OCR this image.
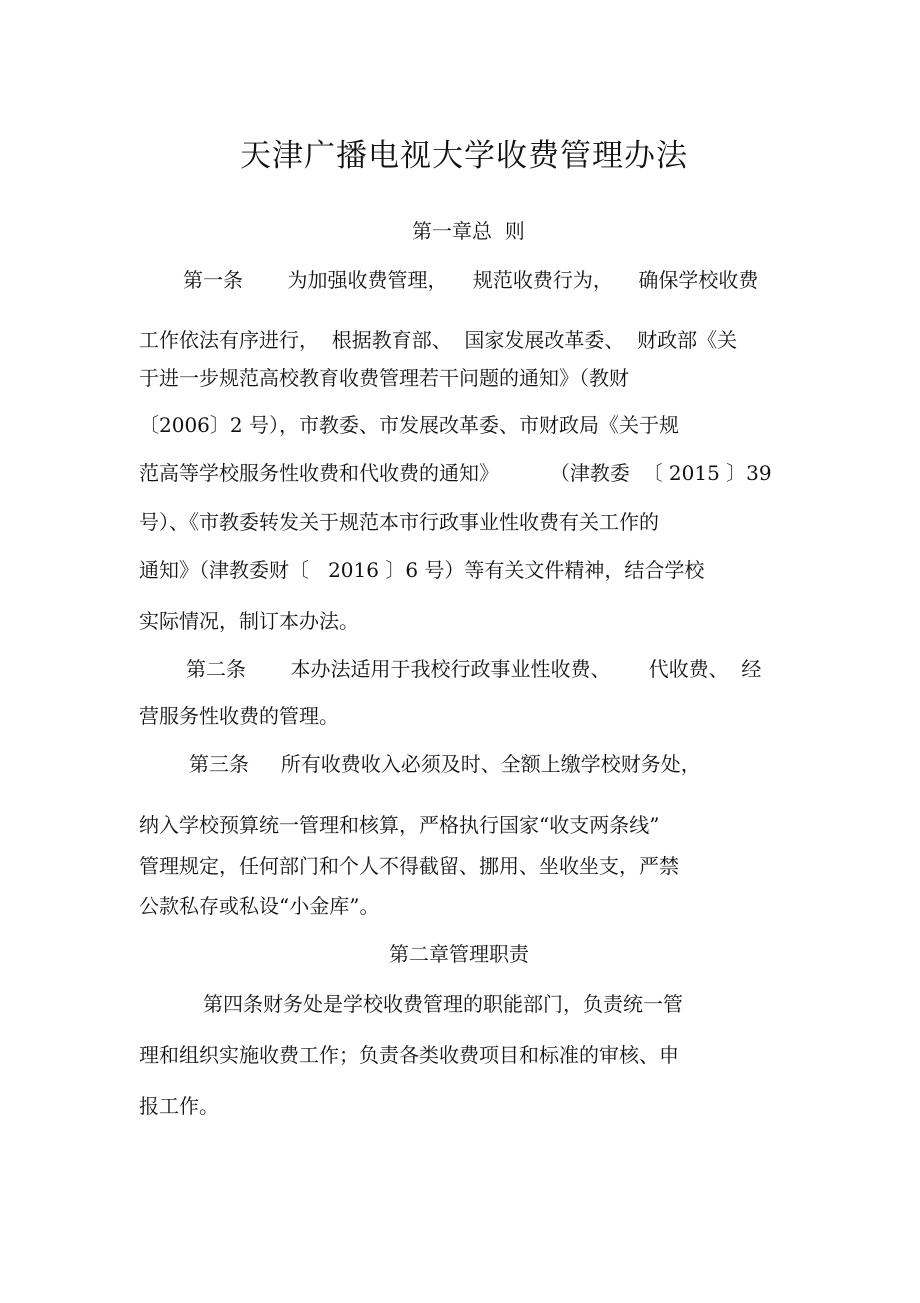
天津广播电视大学收费管理办法
第一章总  则
第一条       为加强收费管理，    规范收费行为，    确保学校收费
工作依法有序进行，  根据教育部、  国家发展改革委、  财政部《关
于进一步规范高校教育收费管理若干问题的通知》（教财
〔2006〕2 号），市教委、市发展改革委、市财政局《关于规
范高等学校服务性收费和代收费的通知》        （津教委  〔 2015 〕39
号）、《市教委转发关于规范本市行政事业性收费有关工作的
通知》（津教委财〔   2016 〕6 号）等有关文件精神，结合学校
实际情况，制订本办法。
第二条       本办法适用于我校行政事业性收费、      代收费、  经
营服务性收费的管理。
第三条     所有收费收入必须及时、全额上缴学校财务处，
纳入学校预算统一管理和核算，严格执行国家“收支两条线”
管理规定，任何部门和个人不得截留、挪用、坐收坐支，严禁
公款私存或私设“小金库”。
第二章管理职责
第四条财务处是学校收费管理的职能部门，负责统一管
理和组织实施收费工作；负责各类收费项目和标准的审核、申
报工作。
